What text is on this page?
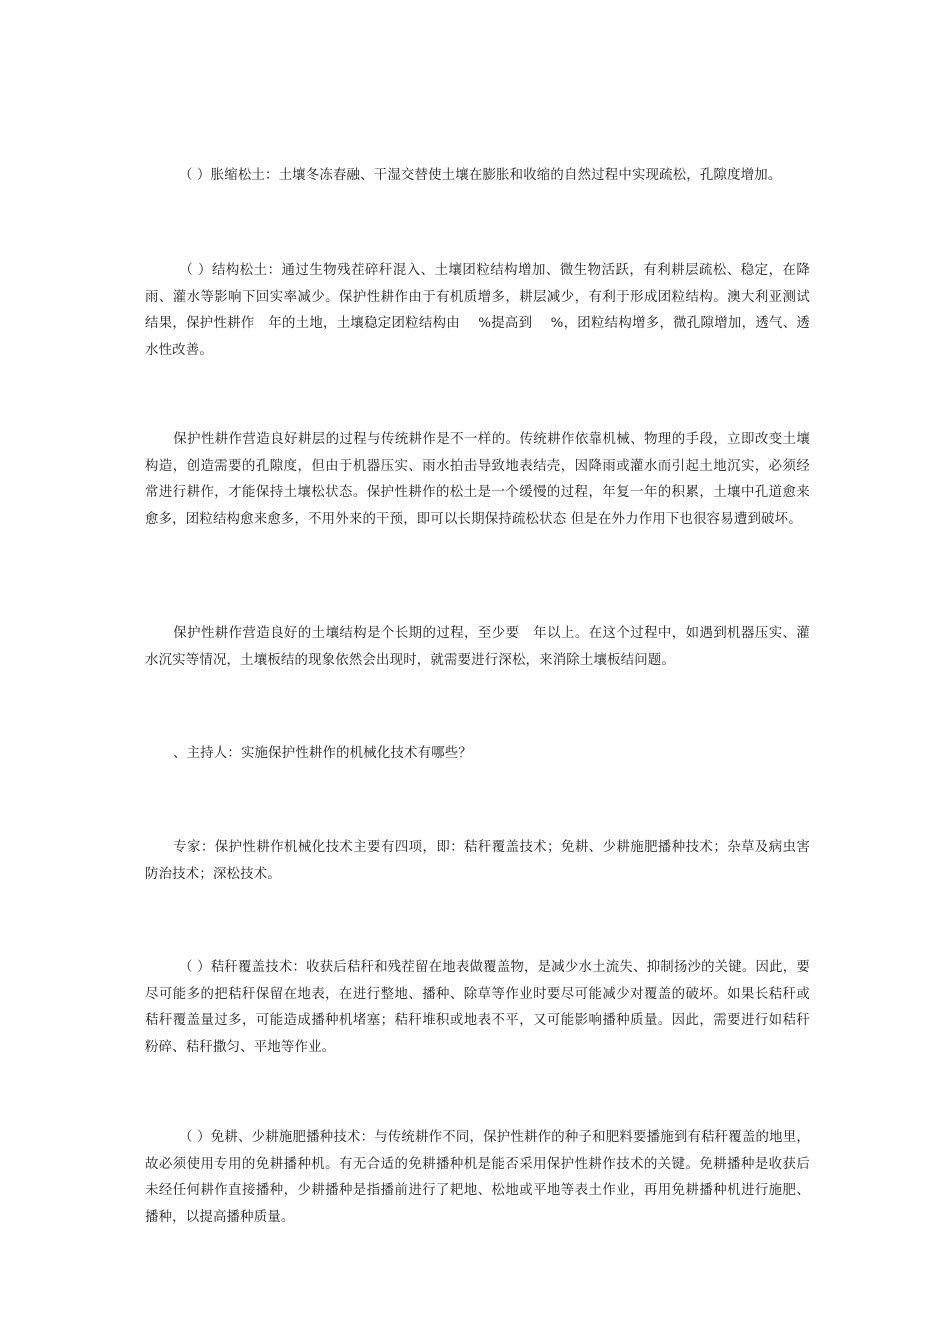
（ ）胀缩松土：土壤冬冻春融、干湿交替使土壤在膨胀和收缩的自然过程中实现疏松，孔隙度增加。

（ ）结构松土：通过生物残茬碎秆混入、土壤团粒结构增加、微生物活跃，有利耕层疏松、稳定，在降雨、灌水等影响下回实率减少。保护性耕作由于有机质增多，耕层减少，有利于形成团粒结构。澳大利亚测试结果，保护性耕作　年的土地，土壤稳定团粒结构由　 %提高到　 %，团粒结构增多，微孔隙增加，透气、透水性改善。

保护性耕作营造良好耕层的过程与传统耕作是不一样的。传统耕作依靠机械、物理的手段，立即改变土壤构造，创造需要的孔隙度，但由于机器压实、雨水拍击导致地表结壳，因降雨或灌水而引起土地沉实，必须经常进行耕作，才能保持土壤松状态。保护性耕作的松土是一个缓慢的过程，年复一年的积累，土壤中孔道愈来愈多，团粒结构愈来愈多，不用外来的干预，即可以长期保持疏松状态 但是在外力作用下也很容易遭到破坏。

保护性耕作营造良好的土壤结构是个长期的过程，至少要　年以上。在这个过程中，如遇到机器压实、灌水沉实等情况，土壤板结的现象依然会出现时，就需要进行深松，来消除土壤板结问题。

、主持人：实施保护性耕作的机械化技术有哪些？

专家：保护性耕作机械化技术主要有四项，即：秸秆覆盖技术；免耕、少耕施肥播种技术；杂草及病虫害防治技术；深松技术。

（ ）秸秆覆盖技术：收获后秸秆和残茬留在地表做覆盖物，是减少水土流失、抑制扬沙的关键。因此，要尽可能多的把秸秆保留在地表，在进行整地、播种、除草等作业时要尽可能减少对覆盖的破坏。如果长秸秆或秸秆覆盖量过多，可能造成播种机堵塞；秸秆堆积或地表不平，又可能影响播种质量。因此，需要进行如秸秆粉碎、秸秆撒匀、平地等作业。

（ ）免耕、少耕施肥播种技术：与传统耕作不同，保护性耕作的种子和肥料要播施到有秸秆覆盖的地里，故必须使用专用的免耕播种机。有无合适的免耕播种机是能否采用保护性耕作技术的关键。免耕播种是收获后未经任何耕作直接播种，少耕播种是指播前进行了耙地、松地或平地等表土作业，再用免耕播种机进行施肥、播种，以提高播种质量。
